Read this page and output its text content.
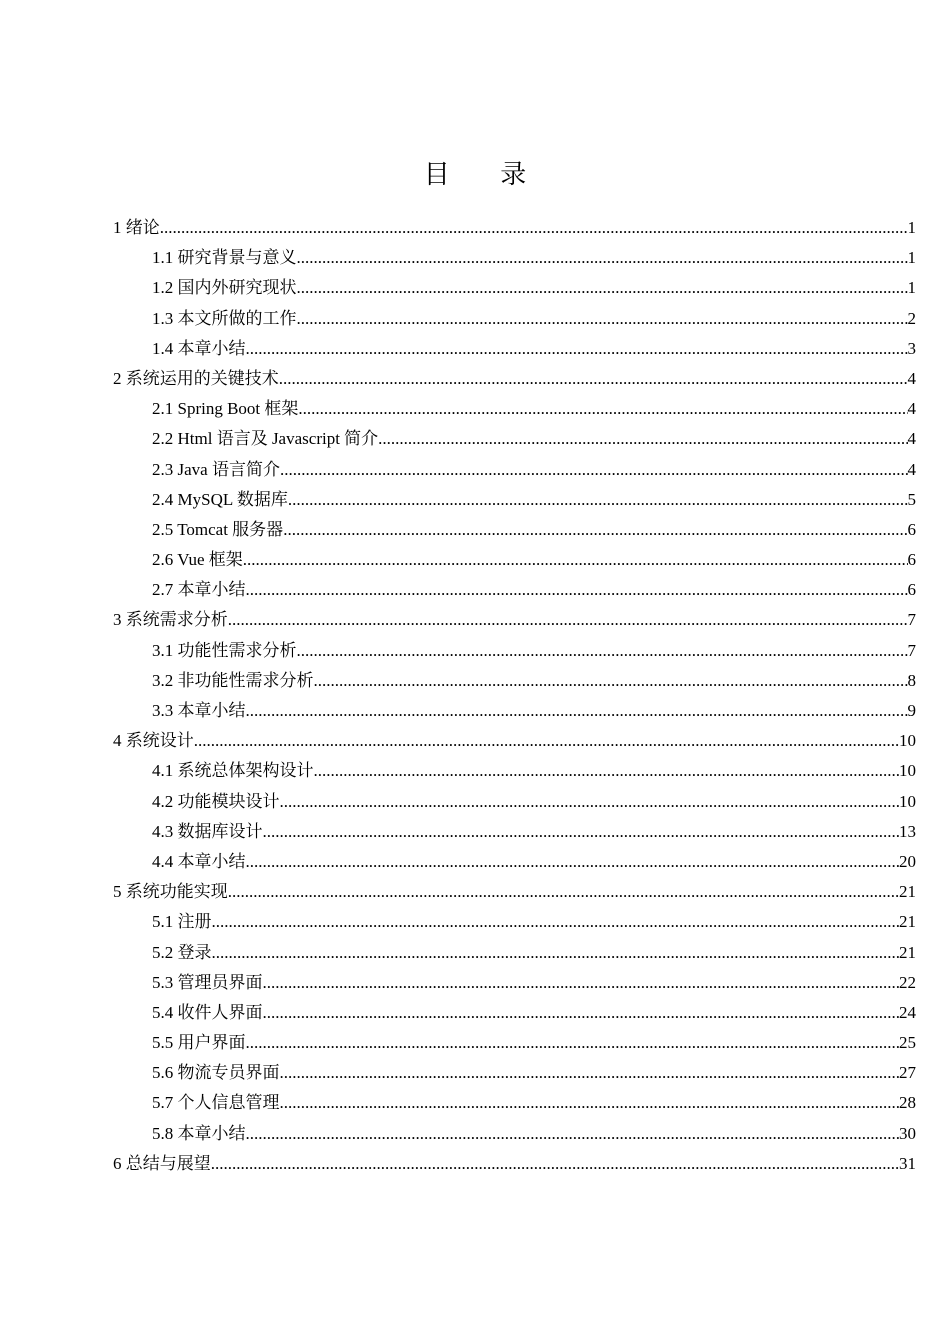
目 录
1 绪论 .....	1
1.1 研究背景与意义 .....	1
1.2 国内外研究现状 .....	1
1.3 本文所做的工作 .....	2
1.4 本章小结 .....	3
2 系统运用的关键技术 .....	4
2.1 Spring Boot 框架 .....	4
2.2 Html 语言及 Javascript 简介 .....	4
2.3 Java 语言简介 .....	4
2.4 MySQL 数据库 .....	5
2.5 Tomcat 服务器 .....	6
2.6 Vue 框架 .....	6
2.7 本章小结 .....	6
3 系统需求分析 .....	7
3.1 功能性需求分析 .....	7
3.2 非功能性需求分析 .....	8
3.3 本章小结 .....	9
4 系统设计 .....	10
4.1 系统总体架构设计 .....	10
4.2 功能模块设计 .....	10
4.3 数据库设计 .....	13
4.4 本章小结 .....	20
5 系统功能实现 .....	21
5.1 注册 .....	21
5.2 登录 .....	21
5.3 管理员界面 .....	22
5.4 收件人界面 .....	24
5.5 用户界面 .....	25
5.6 物流专员界面 .....	27
5.7 个人信息管理 .....	28
5.8 本章小结 .....	30
6 总结与展望 .....	31
